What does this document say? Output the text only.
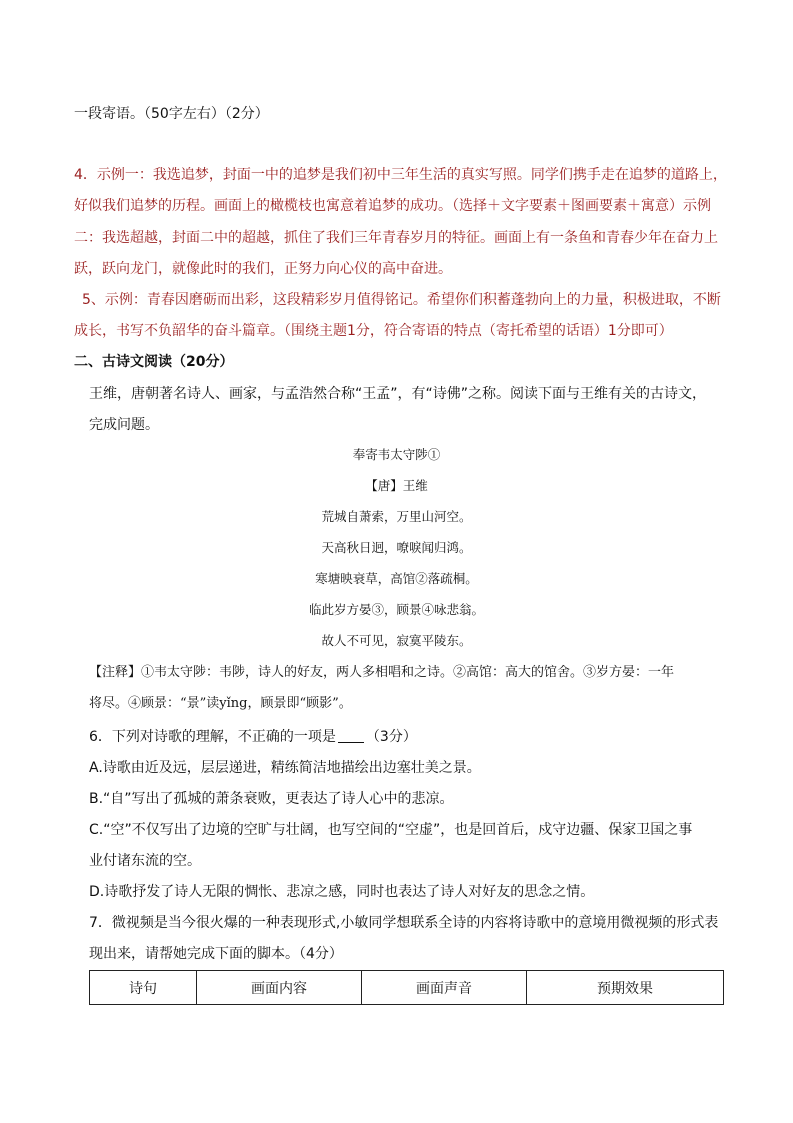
一段寄语。（50字左右）（2分）
4．示例一：我选追梦，封面一中的追梦是我们初中三年生活的真实写照。同学们携手走在追梦的道路上，
好似我们追梦的历程。画面上的橄榄枝也寓意着追梦的成功。（选择＋文字要素＋图画要素＋寓意）示例
二：我选超越，封面二中的超越，抓住了我们三年青春岁月的特征。画面上有一条鱼和青春少年在奋力上
跃，跃向龙门，就像此时的我们，正努力向心仪的高中奋进。
5、示例：青春因磨砺而出彩，这段精彩岁月值得铭记。希望你们积蓄蓬勃向上的力量，积极进取，不断
成长，书写不负韶华的奋斗篇章。（围绕主题1分，符合寄语的特点（寄托希望的话语）1分即可）
二、古诗文阅读（20分）
王维，唐朝著名诗人、画家，与孟浩然合称“王孟”，有“诗佛”之称。阅读下面与王维有关的古诗文，
完成问题。
奉寄韦太守陟①
【唐】王维
荒城自萧索，万里山河空。
天高秋日迥，嘹唳闻归鸿。
寒塘映衰草，高馆②落疏桐。
临此岁方晏③，顾景④咏悲翁。
故人不可见，寂寞平陵东。
【注释】①韦太守陟：韦陟，诗人的好友，两人多相唱和之诗。②高馆：高大的馆舍。③岁方晏：一年
将尽。④顾景：“景”读yǐng，顾景即“顾影”。
6．下列对诗歌的理解，不正确的一项是 （3分）
A.诗歌由近及远，层层递进，精练简洁地描绘出边塞壮美之景。
B.“自”写出了孤城的萧条衰败，更表达了诗人心中的悲凉。
C.“空”不仅写出了边境的空旷与壮阔，也写空间的“空虚”，也是回首后，戍守边疆、保家卫国之事
业付诸东流的空。
D.诗歌抒发了诗人无限的惆怅、悲凉之感，同时也表达了诗人对好友的思念之情。
7．微视频是当今很火爆的一种表现形式,小敏同学想联系全诗的内容将诗歌中的意境用微视频的形式表
现出来，请帮她完成下面的脚本。（4分）
诗句	画面内容	画面声音	预期效果
